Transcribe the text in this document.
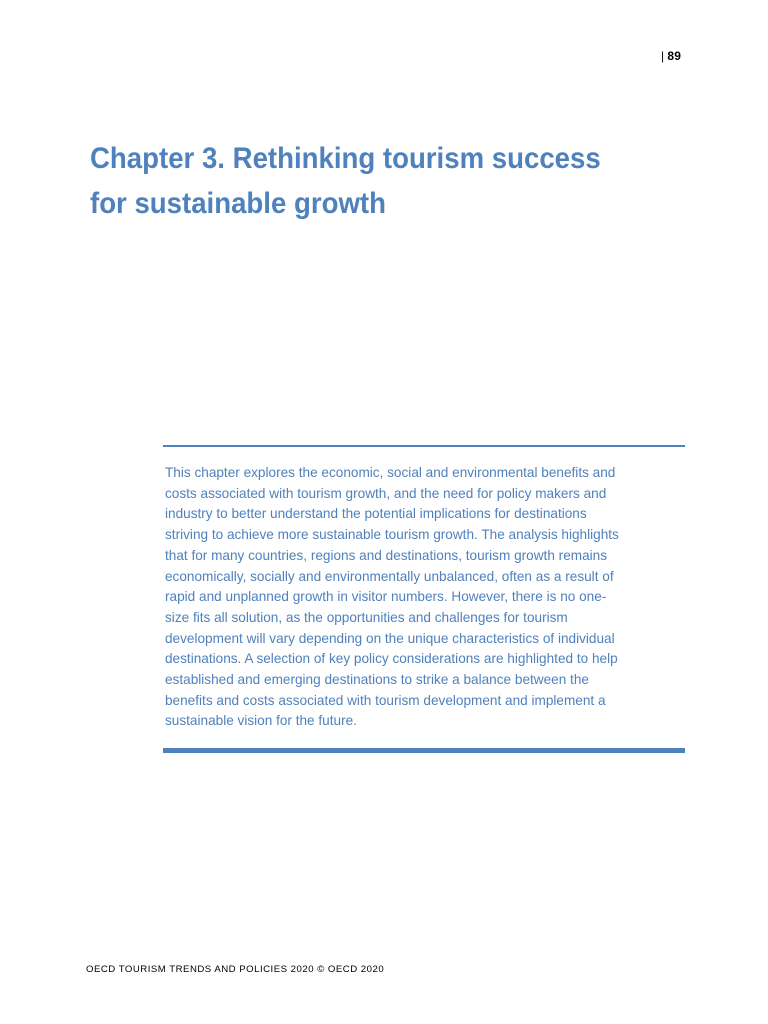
| 89
Chapter 3. Rethinking tourism success
for sustainable growth

This chapter explores the economic, social and environmental benefits and
costs associated with tourism growth, and the need for policy makers and
industry to better understand the potential implications for destinations
striving to achieve more sustainable tourism growth. The analysis highlights
that for many countries, regions and destinations, tourism growth remains
economically, socially and environmentally unbalanced, often as a result of
rapid and unplanned growth in visitor numbers. However, there is no one-
size fits all solution, as the opportunities and challenges for tourism
development will vary depending on the unique characteristics of individual
destinations. A selection of key policy considerations are highlighted to help
established and emerging destinations to strike a balance between the
benefits and costs associated with tourism development and implement a
sustainable vision for the future.

OECD TOURISM TRENDS AND POLICIES 2020 © OECD 2020
